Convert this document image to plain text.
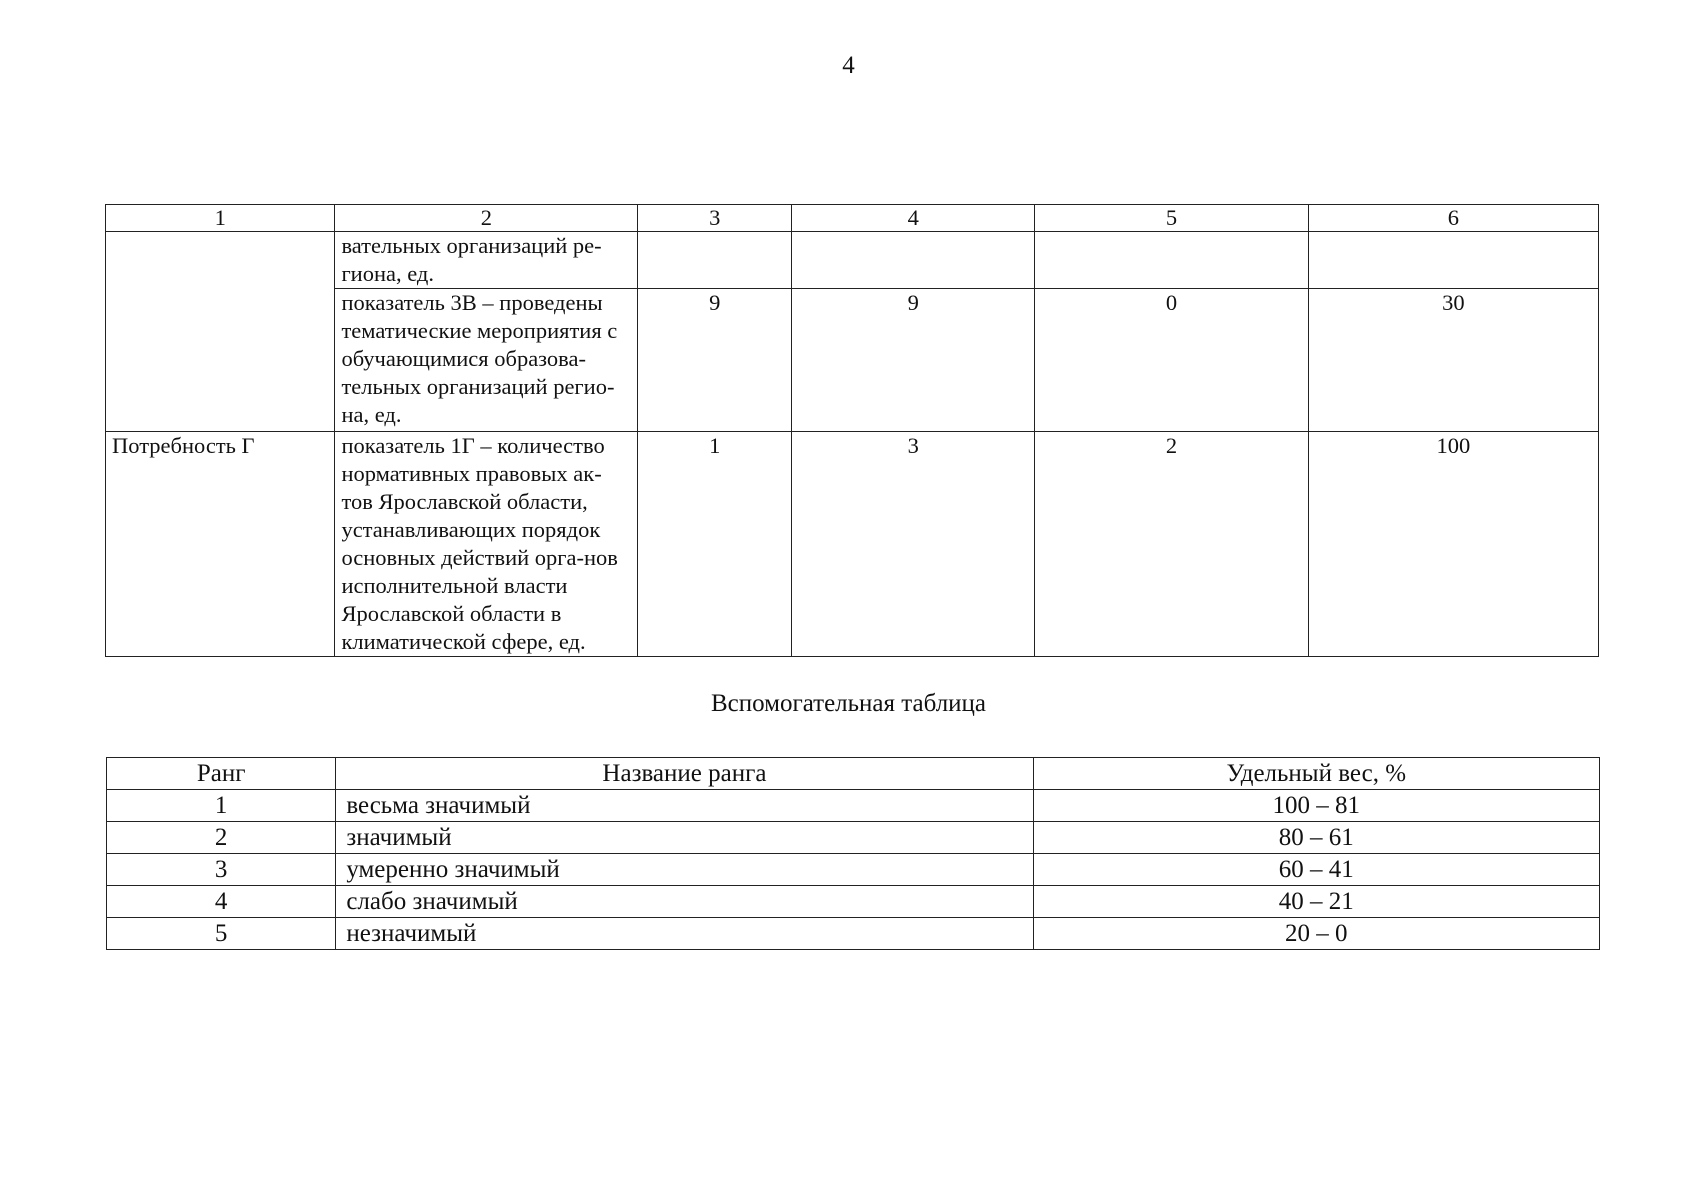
4
1	2	3	4	5	6
	вательных организаций ре-гиона, ед.				
	показатель 3В – проведены тематические мероприятия с обучающимися образова-тельных организаций регио-на, ед.	9	9	0	30
Потребность Г	показатель 1Г – количество нормативных правовых ак-тов Ярославской области, устанавливающих порядок основных действий орга-нов исполнительной власти Ярославской области в климатической сфере, ед.	1	3	2	100
Вспомогательная таблица
Ранг	Название ранга	Удельный вес, %
1	весьма значимый	100 – 81
2	значимый	80 – 61
3	умеренно значимый	60 – 41
4	слабо значимый	40 – 21
5	незначимый	20 – 0
